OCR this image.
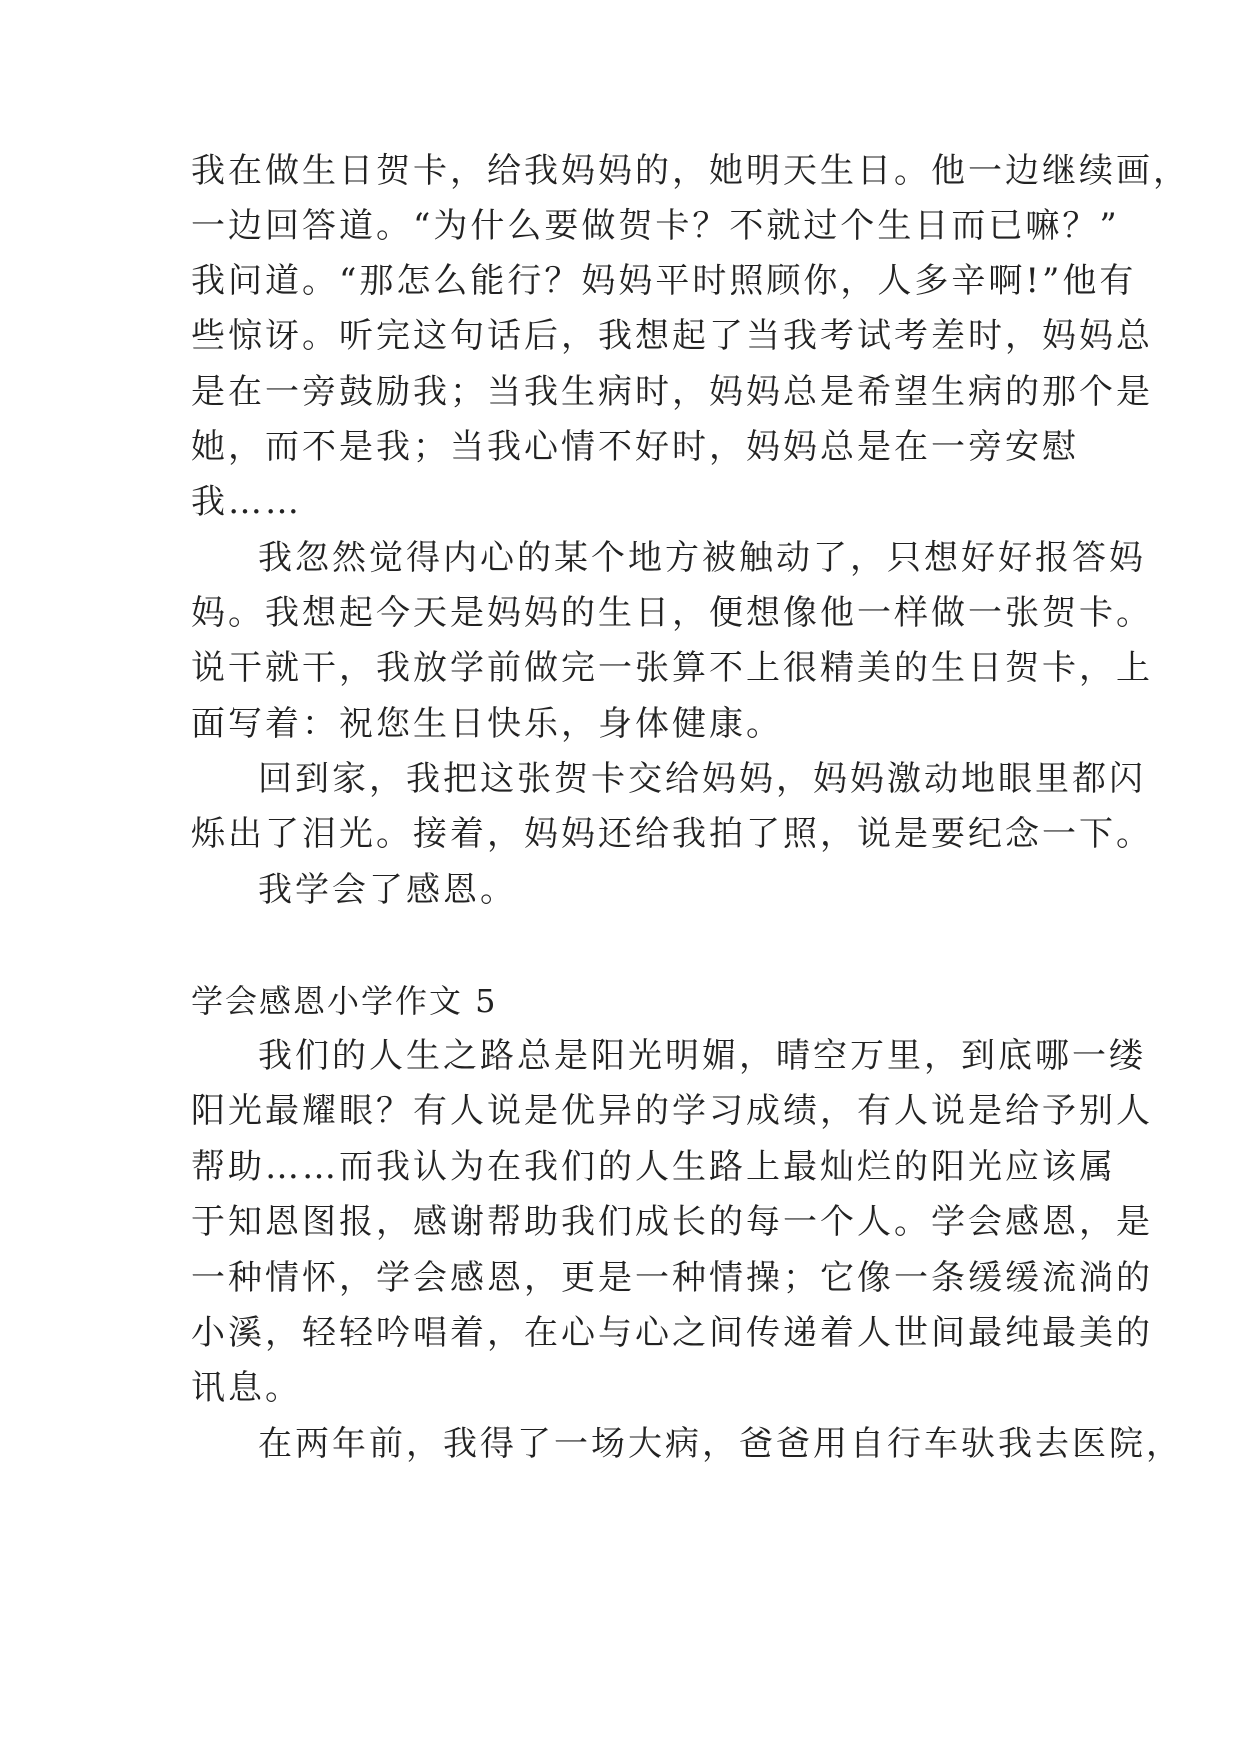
我在做生日贺卡，给我妈妈的，她明天生日。他一边继续画，
一边回答道。“为什么要做贺卡？不就过个生日而已嘛？”
我问道。“那怎么能行？妈妈平时照顾你，人多辛啊!”他有
些惊讶。听完这句话后，我想起了当我考试考差时，妈妈总
是在一旁鼓励我；当我生病时，妈妈总是希望生病的那个是
她，而不是我；当我心情不好时，妈妈总是在一旁安慰
我……
我忽然觉得内心的某个地方被触动了，只想好好报答妈
妈。我想起今天是妈妈的生日，便想像他一样做一张贺卡。
说干就干，我放学前做完一张算不上很精美的生日贺卡，上
面写着：祝您生日快乐，身体健康。
回到家，我把这张贺卡交给妈妈，妈妈激动地眼里都闪
烁出了泪光。接着，妈妈还给我拍了照，说是要纪念一下。
我学会了感恩。
学会感恩小学作文 5
我们的人生之路总是阳光明媚，晴空万里，到底哪一缕
阳光最耀眼？有人说是优异的学习成绩，有人说是给予别人
帮助……而我认为在我们的人生路上最灿烂的阳光应该属
于知恩图报，感谢帮助我们成长的每一个人。学会感恩，是
一种情怀，学会感恩，更是一种情操；它像一条缓缓流淌的
小溪，轻轻吟唱着，在心与心之间传递着人世间最纯最美的
讯息。
在两年前，我得了一场大病，爸爸用自行车驮我去医院，
